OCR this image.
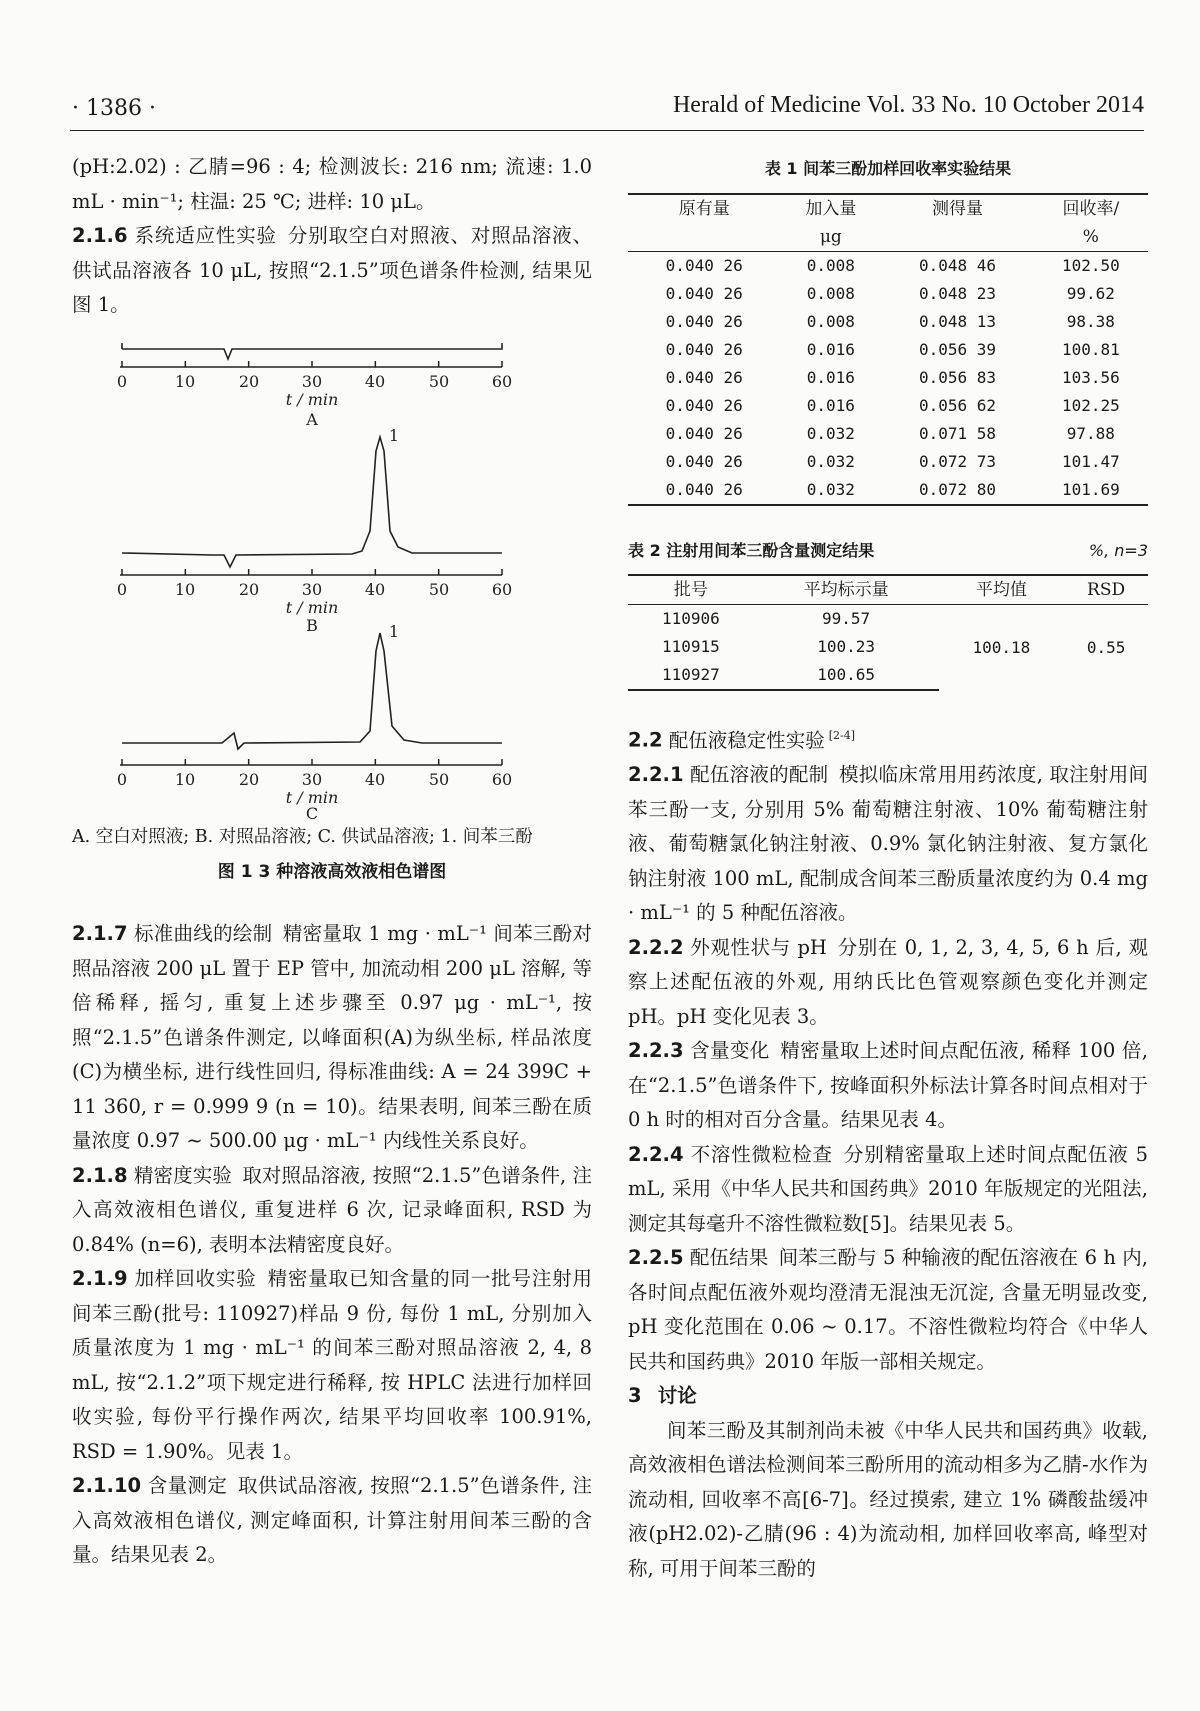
· 1386 ·	Herald of Medicine Vol. 33 No. 10 October 2014

(pH:2.02) : 乙腈=96 : 4; 检测波长: 216 nm; 流速: 1.0 mL · min⁻¹; 柱温: 25 ℃; 进样: 10 μL。

2.1.6 系统适应性实验 分别取空白对照液、对照品溶液、供试品溶液各 10 μL, 按照“2.1.5”项色谱条件检测, 结果见图 1。

0	10	20	30	40	50	60
t / min
A
1
0	10	20	30	40	50	60
t / min
B	1
0	10	20	30	40	50	60
t / min
C
A. 空白对照液; B. 对照品溶液; C. 供试品溶液; 1. 间苯三酚
图 1 3 种溶液高效液相色谱图

2.1.7 标准曲线的绘制 精密量取 1 mg · mL⁻¹ 间苯三酚对照品溶液 200 μL 置于 EP 管中, 加流动相 200 μL 溶解, 等倍稀释, 摇匀, 重复上述步骤至 0.97 μg · mL⁻¹, 按照“2.1.5”色谱条件测定, 以峰面积(A)为纵坐标, 样品浓度(C)为横坐标, 进行线性回归, 得标准曲线: A = 24 399C + 11 360, r = 0.999 9 (n = 10)。结果表明, 间苯三酚在质量浓度 0.97 ~ 500.00 μg · mL⁻¹ 内线性关系良好。

2.1.8 精密度实验 取对照品溶液, 按照“2.1.5”色谱条件, 注入高效液相色谱仪, 重复进样 6 次, 记录峰面积, RSD 为 0.84% (n=6), 表明本法精密度良好。

2.1.9 加样回收实验 精密量取已知含量的同一批号注射用间苯三酚(批号: 110927)样品 9 份, 每份 1 mL, 分别加入质量浓度为 1 mg · mL⁻¹ 的间苯三酚对照品溶液 2, 4, 8 mL, 按“2.1.2”项下规定进行稀释, 按 HPLC 法进行加样回收实验, 每份平行操作两次, 结果平均回收率 100.91%, RSD = 1.90%。见表 1。

2.1.10 含量测定 取供试品溶液, 按照“2.1.5”色谱条件, 注入高效液相色谱仪, 测定峰面积, 计算注射用间苯三酚的含量。结果见表 2。

表 1 间苯三酚加样回收率实验结果
原有量	加入量	测得量	回收率/
	μg		%
0.040 26	0.008	0.048 46	102.50
0.040 26	0.008	0.048 23	99.62
0.040 26	0.008	0.048 13	98.38
0.040 26	0.016	0.056 39	100.81
0.040 26	0.016	0.056 83	103.56
0.040 26	0.016	0.056 62	102.25
0.040 26	0.032	0.071 58	97.88
0.040 26	0.032	0.072 73	101.47
0.040 26	0.032	0.072 80	101.69
表 2 注射用间苯三酚含量测定结果	%, n=3
批号	平均标示量	平均值	RSD
110906	99.57	100.18	0.55
110915	100.23		
110927	100.65		

2.2 配伍液稳定性实验 [2-4]

2.2.1 配伍溶液的配制 模拟临床常用用药浓度, 取注射用间苯三酚一支, 分别用 5% 葡萄糖注射液、10% 葡萄糖注射液、葡萄糖氯化钠注射液、0.9% 氯化钠注射液、复方氯化钠注射液 100 mL, 配制成含间苯三酚质量浓度约为 0.4 mg · mL⁻¹ 的 5 种配伍溶液。

2.2.2 外观性状与 pH 分别在 0, 1, 2, 3, 4, 5, 6 h 后, 观察上述配伍液的外观, 用纳氏比色管观察颜色变化并测定 pH。pH 变化见表 3。

2.2.3 含量变化 精密量取上述时间点配伍液, 稀释 100 倍, 在“2.1.5”色谱条件下, 按峰面积外标法计算各时间点相对于 0 h 时的相对百分含量。结果见表 4。

2.2.4 不溶性微粒检查 分别精密量取上述时间点配伍液 5 mL, 采用《中华人民共和国药典》2010 年版规定的光阻法, 测定其每毫升不溶性微粒数[5]。结果见表 5。

2.2.5 配伍结果 间苯三酚与 5 种输液的配伍溶液在 6 h 内, 各时间点配伍液外观均澄清无混浊无沉淀, 含量无明显改变, pH 变化范围在 0.06 ~ 0.17。不溶性微粒均符合《中华人民共和国药典》2010 年版一部相关规定。

3 讨论

间苯三酚及其制剂尚未被《中华人民共和国药典》收载, 高效液相色谱法检测间苯三酚所用的流动相多为乙腈-水作为流动相, 回收率不高[6-7]。经过摸索, 建立 1% 磷酸盐缓冲液(pH2.02)-乙腈(96 : 4)为流动相, 加样回收率高, 峰型对称, 可用于间苯三酚的
